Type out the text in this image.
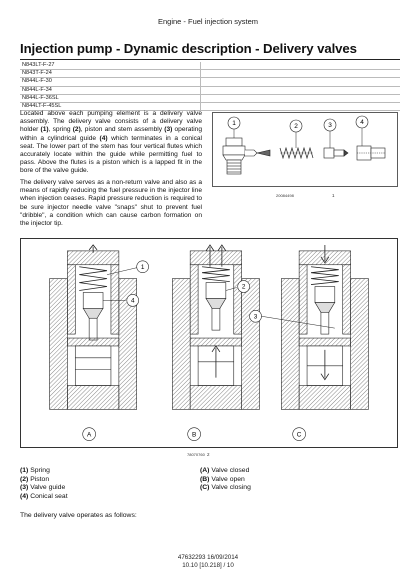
Engine - Fuel injection system
Injection pump - Dynamic description - Delivery valves
N843LT-F-27	
N843T-F-24	
N844L-F-30	
N844L-F-34	
N844L-F-36SL	
N844LT-F-45SL	
Located above each pumping element is a delivery valve assembly. The delivery valve consists of a delivery valve holder (1), spring (2), piston and stem assembly (3) operating within a cylindrical guide (4) which terminates in a conical seat. The lower part of the stem has four vertical flutes which accurately locate within the guide while permitting fuel to pass. Above the flutes is a piston which is a lapped fit in the bore of the valve guide.
The delivery valve serves as a non-return valve and also as a means of rapidly reducing the fuel pressure in the injector line when injection ceases. Rapid pressure reduction is required to be sure injector needle valve "snaps" shut to prevent fuel "dribble", a condition which can cause carbon formation on the injector tip.
1	2	3	4
20084498	1
1
4
2
3
A	B	C
78070760 2
(1) Spring
(2) Piston
(3) Valve guide
(4) Conical seat
(A) Valve closed
(B) Valve open
(C) Valve closing
The delivery valve operates as follows:
47632293 16/09/2014
10.10 [10.218] / 10
